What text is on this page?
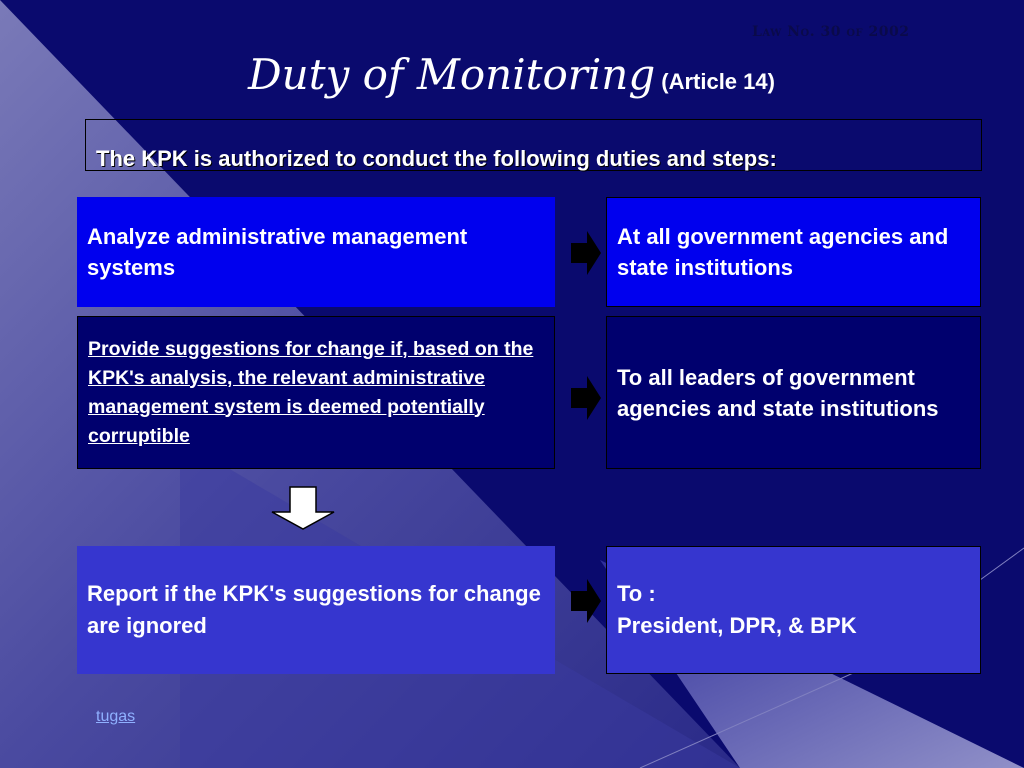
Law No. 30 of 2002
Duty of Monitoring (Article 14)
The KPK is authorized to conduct the following duties and steps:
Analyze administrative management systems
At all government agencies and state institutions
Provide suggestions for change if, based on the KPK's analysis, the relevant administrative management system is deemed potentially corruptible
To all leaders of government agencies and state institutions
Report if the KPK's suggestions for change are ignored
To :
President, DPR, & BPK
tugas
